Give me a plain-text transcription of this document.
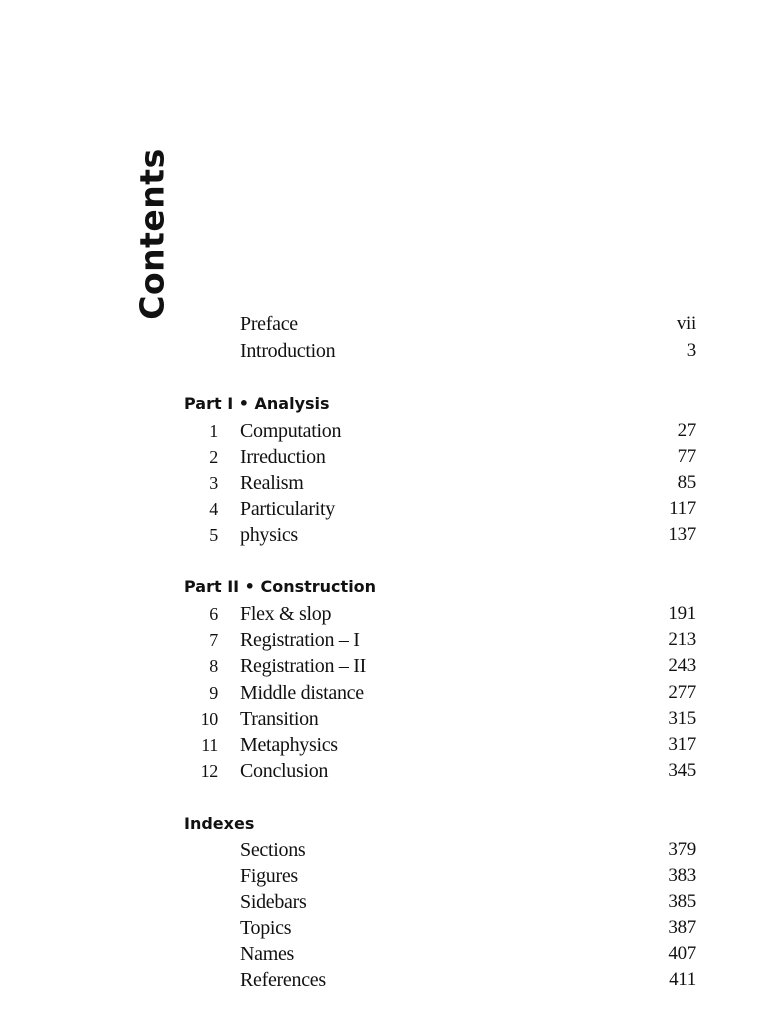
Contents
Preface	vii
Introduction	3
Part I • Analysis
1 Computation	27
2 Irreduction	77
3 Realism	85
4 Particularity	117
5 physics	137
Part II • Construction
6 Flex & slop	191
7 Registration – I	213
8 Registration – II	243
9 Middle distance	277
10 Transition	315
11 Metaphysics	317
12 Conclusion	345
Indexes
Sections	379
Figures	383
Sidebars	385
Topics	387
Names	407
References	411
